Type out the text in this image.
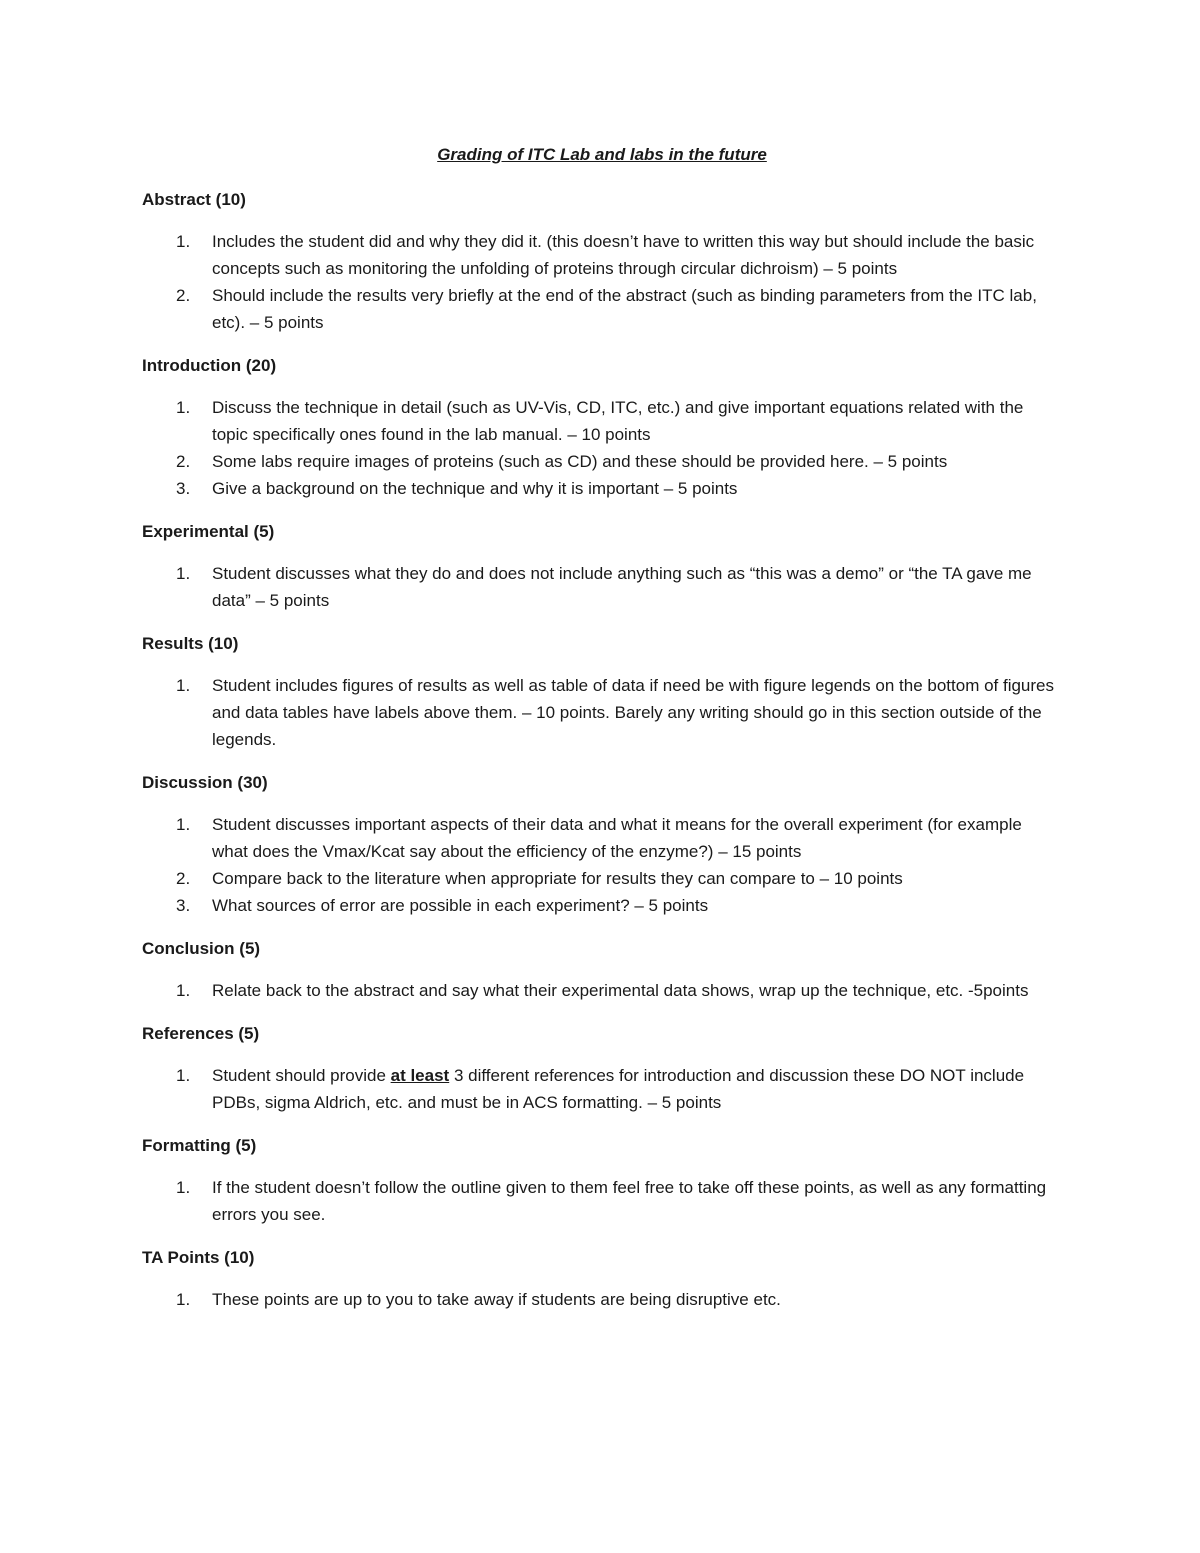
Grading of ITC Lab and labs in the future
Abstract (10)
1. Includes the student did and why they did it. (this doesn’t have to written this way but should include the basic concepts such as monitoring the unfolding of proteins through circular dichroism) – 5 points
2. Should include the results very briefly at the end of the abstract (such as binding parameters from the ITC lab, etc). – 5 points
Introduction (20)
1. Discuss the technique in detail (such as UV-Vis, CD, ITC, etc.) and give important equations related with the topic specifically ones found in the lab manual. – 10 points
2. Some labs require images of proteins (such as CD) and these should be provided here. – 5 points
3. Give a background on the technique and why it is important – 5 points
Experimental (5)
1. Student discusses what they do and does not include anything such as “this was a demo” or “the TA gave me data” – 5 points
Results (10)
1. Student includes figures of results as well as table of data if need be with figure legends on the bottom of figures and data tables have labels above them. – 10 points. Barely any writing should go in this section outside of the legends.
Discussion (30)
1. Student discusses important aspects of their data and what it means for the overall experiment (for example what does the Vmax/Kcat say about the efficiency of the enzyme?) – 15 points
2. Compare back to the literature when appropriate for results they can compare to – 10 points
3. What sources of error are possible in each experiment? – 5 points
Conclusion (5)
1. Relate back to the abstract and say what their experimental data shows, wrap up the technique, etc. -5points
References (5)
1. Student should provide at least 3 different references for introduction and discussion these DO NOT include PDBs, sigma Aldrich, etc. and must be in ACS formatting. – 5 points
Formatting (5)
1. If the student doesn’t follow the outline given to them feel free to take off these points, as well as any formatting errors you see.
TA Points (10)
1. These points are up to you to take away if students are being disruptive etc.
